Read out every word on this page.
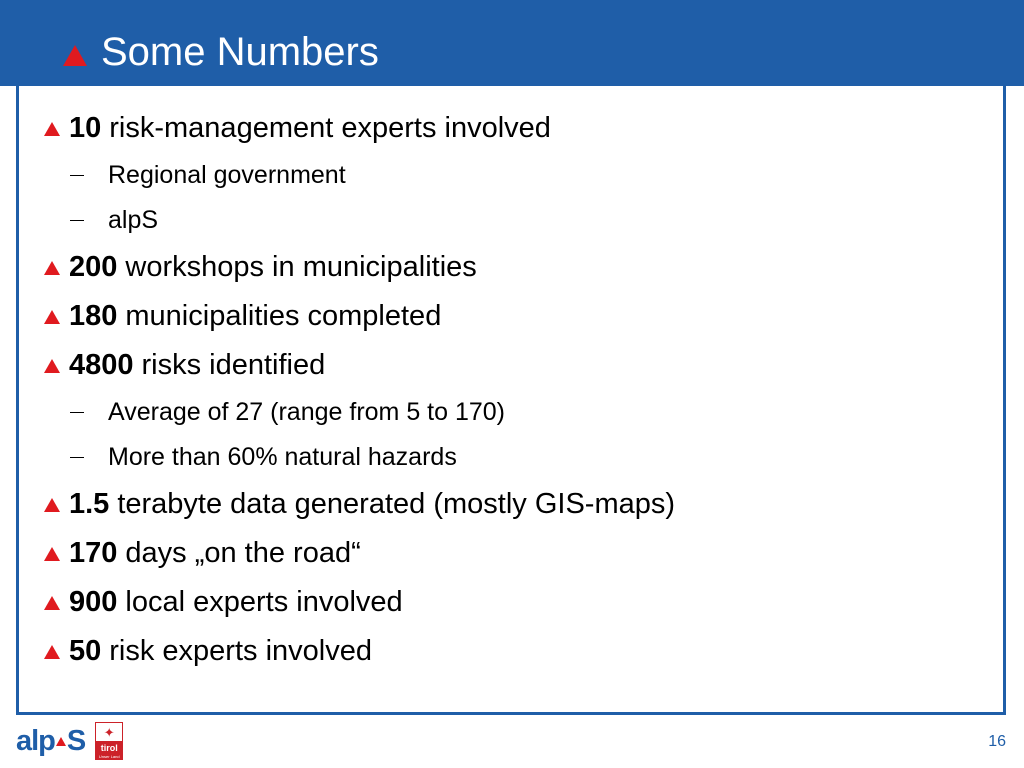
Some Numbers
10 risk-management experts involved
Regional government
alpS
200 workshops in municipalities
180 municipalities completed
4800 risks identified
Average of 27 (range from 5 to 170)
More than 60% natural hazards
1.5 terabyte data generated (mostly GIS-maps)
170 days „on the road“
900 local experts involved
50 risk experts involved
alp S	✦
tirol
Unser Land
16
